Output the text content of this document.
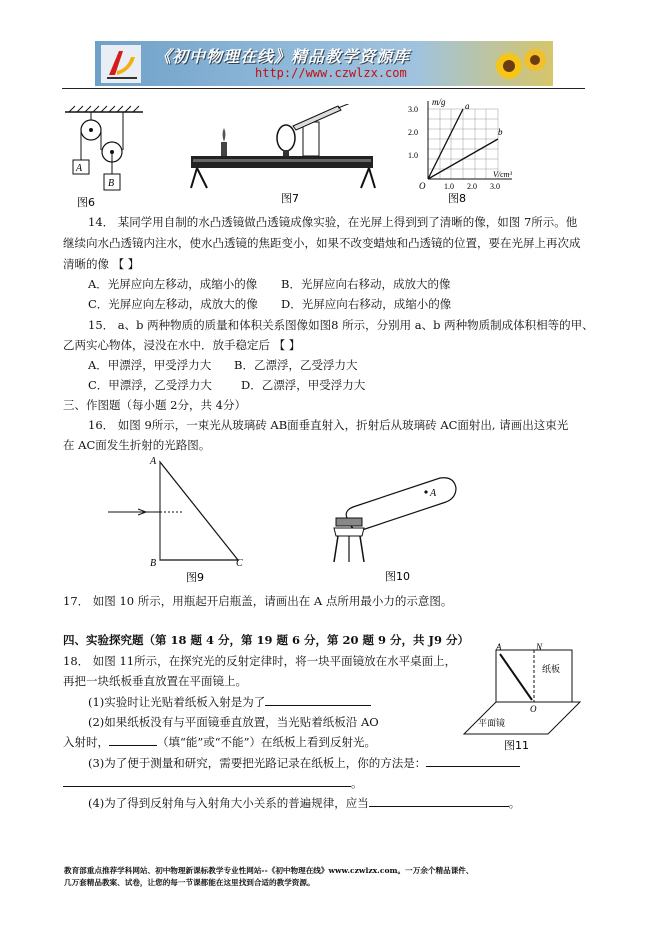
《初中物理在线》精品教学资源库
http://www.czwlzx.com
A
B
图6	图7
m/g
V/cm³
O
3.0
2.0
1.0
1.0 2.0 3.0
a
b
图8
14． 某同学用自制的水凸透镜做凸透镜成像实验，在光屏上得到到了清晰的像，如图 7所示。他
继续向水凸透镜内注水，使水凸透镜的焦距变小，如果不改变蜡烛和凸透镜的位置，要在光屏上再次成
清晰的像 【 】
A．光屏应向左移动，成缩小的像 B．光屏应向右移动，成放大的像
C．光屏应向左移动，成放大的像 D．光屏应向右移动，成缩小的像
15． a、b 两种物质的质量和体积关系图像如图8 所示，分别用 a、b 两种物质制成体积相等的甲、
乙两实心物体，浸没在水中．放手稳定后 【 】
A．甲漂浮，甲受浮力大 B．乙漂浮，乙受浮力大
C．甲漂浮，乙受浮力大	D．乙漂浮，甲受浮力大
三、作图题（每小题 2分，共 4分）
16． 如图 9所示，一束光从玻璃砖 AB面垂直射入，折射后从玻璃砖 AC面射出, 请画出这束光
在 AC面发生折射的光路图。
A
B	C
图9
A
图10
17． 如图 10 所示，用瓶起开启瓶盖，请画出在 A 点所用最小力的示意图。
四、实验探究题（第 18 题 4 分，第 19 题 6 分，第 20 题 9 分，共 J9 分）
18． 如图 11所示，在探究光的反射定律时，将一块平面镜放在水平桌面上，
再把一块纸板垂直放置在平面镜上。
(1)实验时让光贴着纸板入射是为了
(2)如果纸板没有与平面镜垂直放置，当光贴着纸板沿 AO
入射时，	（填“能”或“不能”）在纸板上看到反射光。
A	N
纸板
O
平面镜
图11
(3)为了便于测量和研究，需要把光路记录在纸板上，你的方法是：
。
(4)为了得到反射角与入射角大小关系的普遍规律，应当	。
教育部重点推荐学科网站、初中物理新课标教学专业性网站--《初中物理在线》www.czwlzx.com。一万余个精品课件、
几万套精品教案、试卷，让您的每一节课都能在这里找到合适的教学资源。
